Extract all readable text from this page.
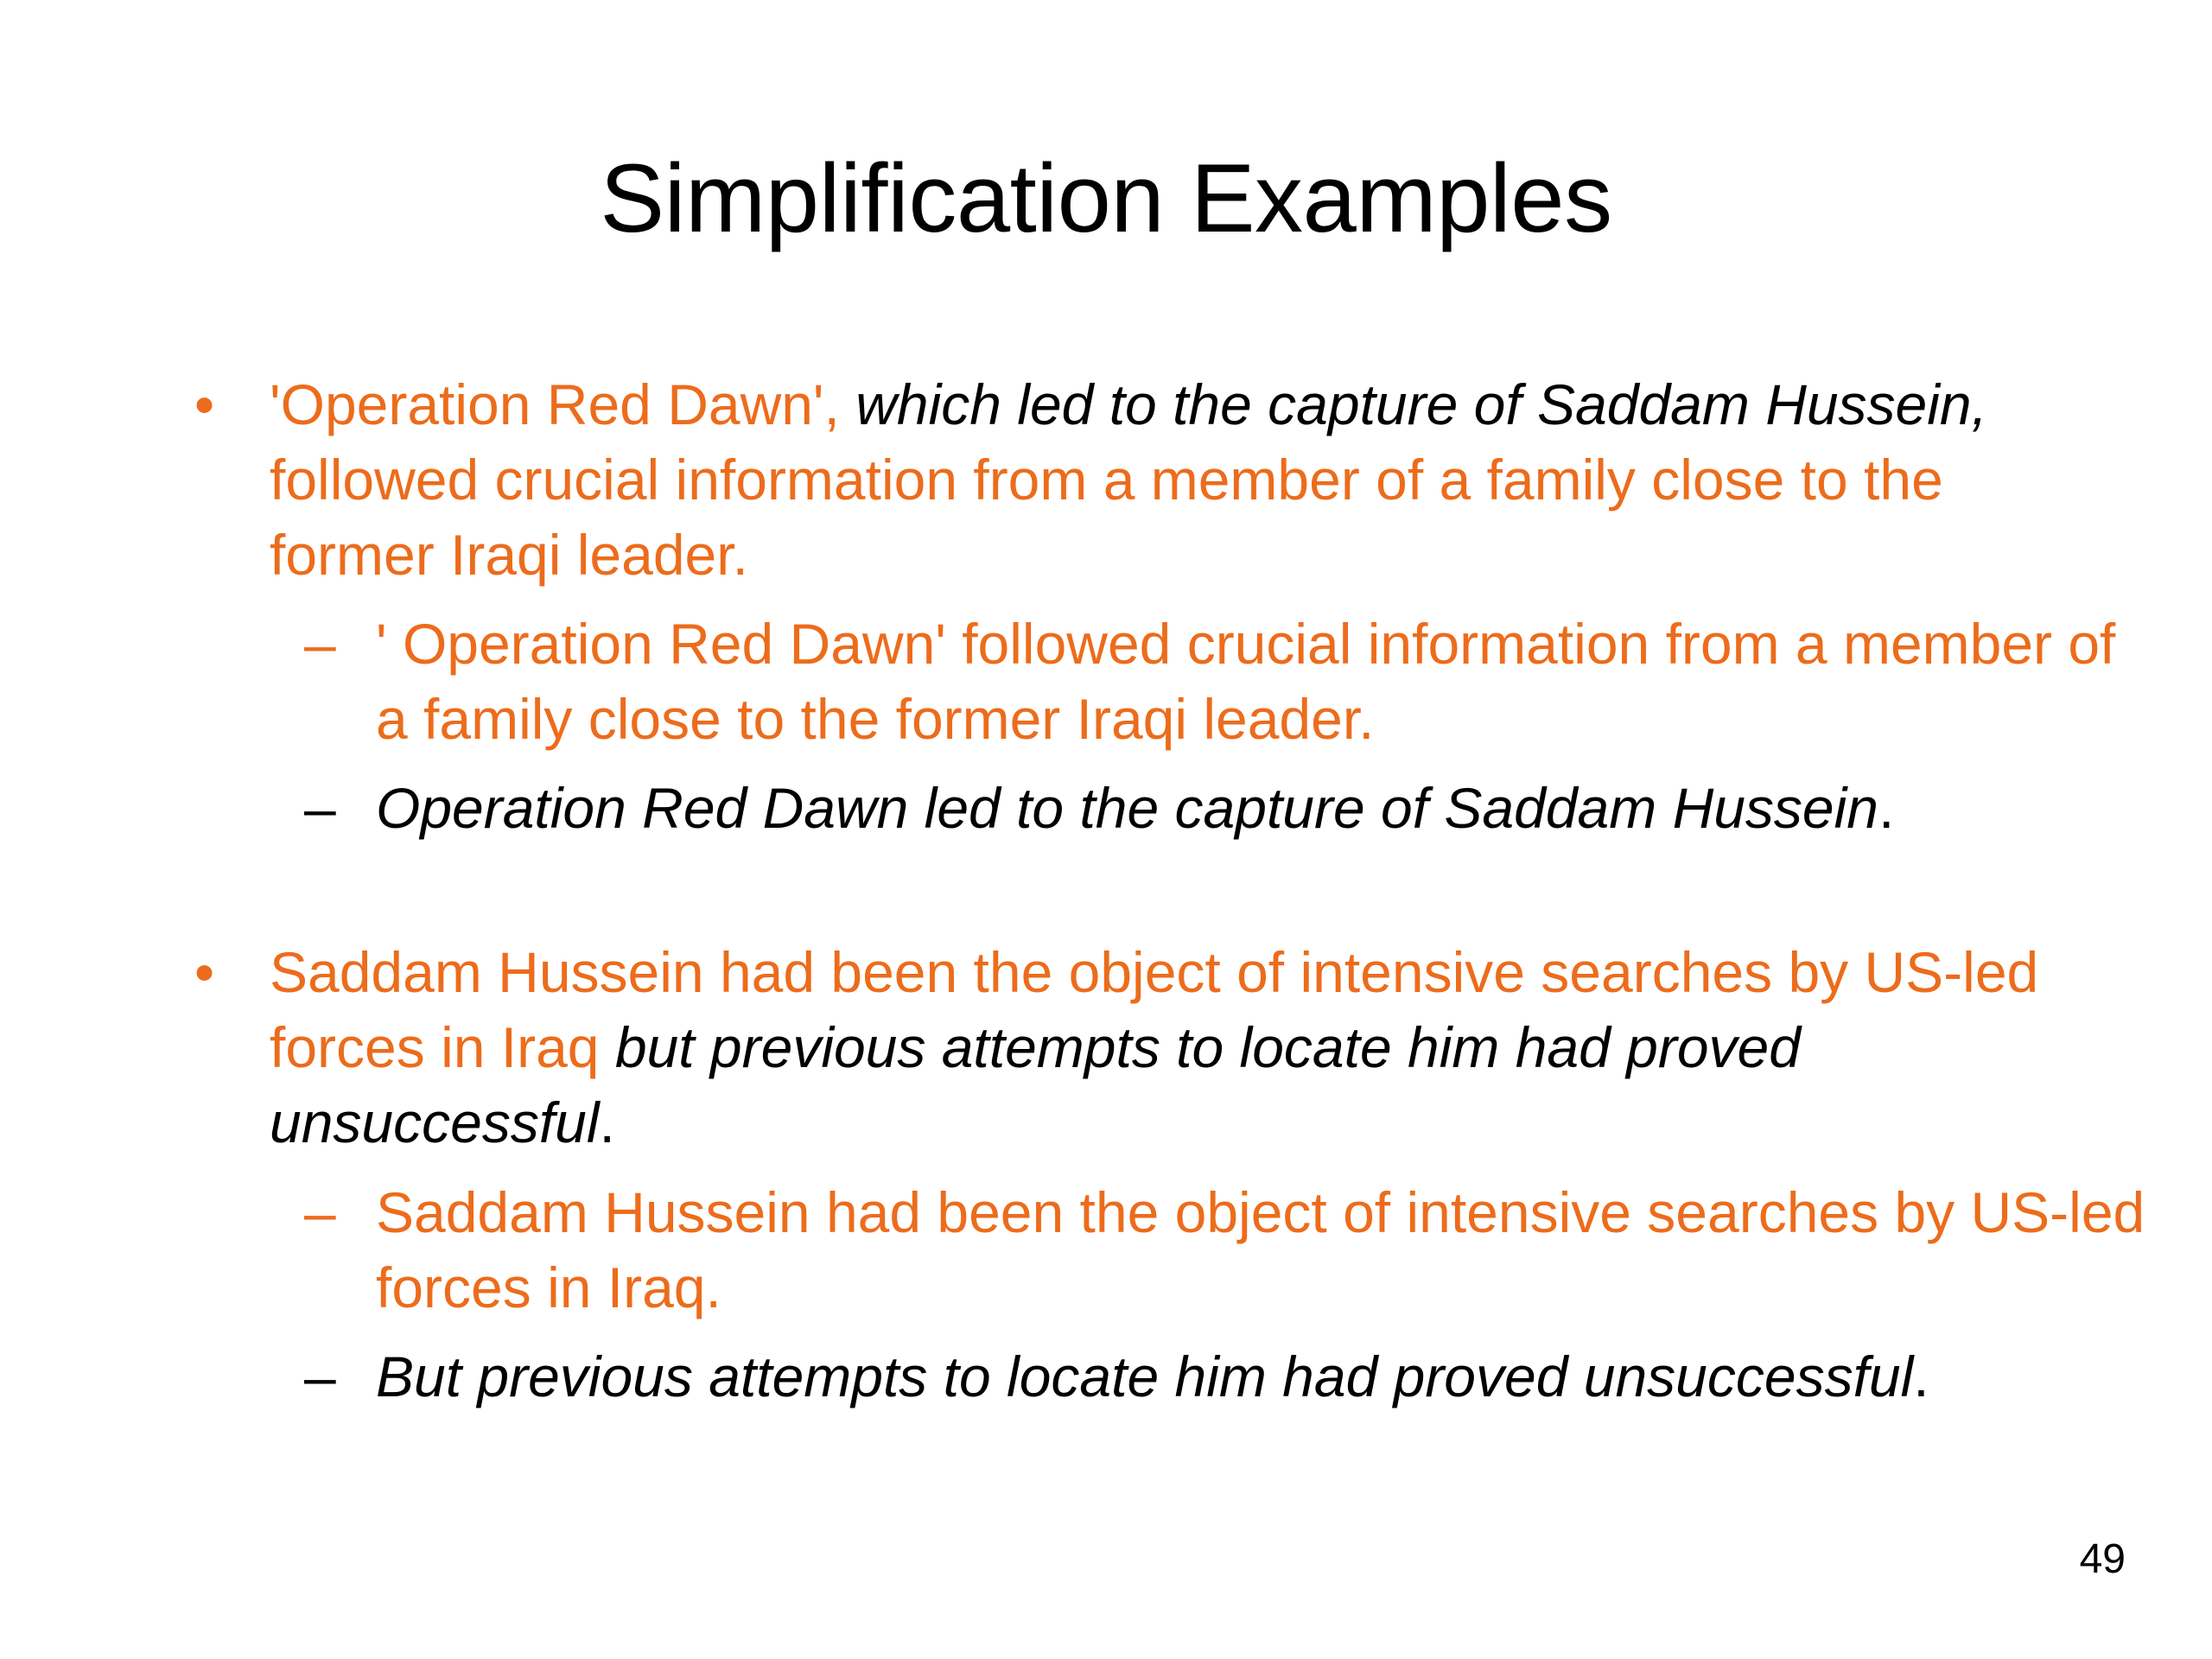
Simplification Examples
• 'Operation Red Dawn', which led to the capture of Saddam Hussein, followed crucial information from a member of a family close to the former Iraqi leader.
– ' Operation Red Dawn' followed crucial information from a member of a family close to the former Iraqi leader.
– Operation Red Dawn led to the capture of Saddam Hussein.
• Saddam Hussein had been the object of intensive searches by US-led forces in Iraq but previous attempts to locate him had proved unsuccessful.
– Saddam Hussein had been the object of intensive searches by US-led forces in Iraq.
– But previous attempts to locate him had proved unsuccessful.
49
